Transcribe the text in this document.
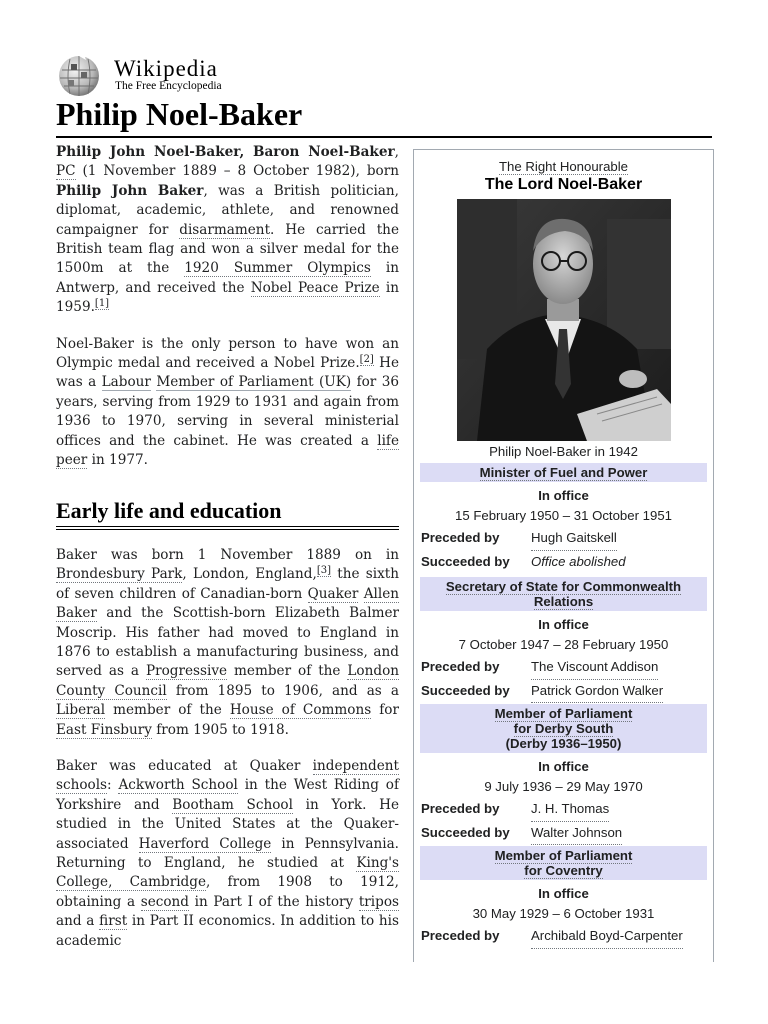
Wikipedia
The Free Encyclopedia
Philip Noel-Baker

Philip John Noel-Baker, Baron Noel-Baker, PC (1 November 1889 – 8 October 1982), born Philip John Baker, was a British politician, diplomat, academic, athlete, and renowned campaigner for disarmament. He carried the British team flag and won a silver medal for the 1500m at the 1920 Summer Olympics in Antwerp, and received the Nobel Peace Prize in 1959.[1]

Noel-Baker is the only person to have won an Olympic medal and received a Nobel Prize.[2] He was a Labour Member of Parliament (UK) for 36 years, serving from 1929 to 1931 and again from 1936 to 1970, serving in several ministerial offices and the cabinet. He was created a life peer in 1977.

Early life and education

Baker was born 1 November 1889 on in Brondesbury Park, London, England,[3] the sixth of seven children of Canadian-born Quaker Allen Baker and the Scottish-born Elizabeth Balmer Moscrip. His father had moved to England in 1876 to establish a manufacturing business, and served as a Progressive member of the London County Council from 1895 to 1906, and as a Liberal member of the House of Commons for East Finsbury from 1905 to 1918.

Baker was educated at Quaker independent schools: Ackworth School in the West Riding of Yorkshire and Bootham School in York. He studied in the United States at the Quaker-associated Haverford College in Pennsylvania. Returning to England, he studied at King's College, Cambridge, from 1908 to 1912, obtaining a second in Part I of the history tripos and a first in Part II economics. In addition to his academic

The Right Honourable
The Lord Noel-Baker
Philip Noel-Baker in 1942
Minister of Fuel and Power
In office
15 February 1950 – 31 October 1951
Preceded by Hugh Gaitskell
Succeeded by Office abolished
Secretary of State for Commonwealth Relations
In office
7 October 1947 – 28 February 1950
Preceded by The Viscount Addison
Succeeded by Patrick Gordon Walker
Member of Parliament
for Derby South
(Derby 1936–1950)
In office
9 July 1936 – 29 May 1970
Preceded by J. H. Thomas
Succeeded by Walter Johnson
Member of Parliament
for Coventry
In office
30 May 1929 – 6 October 1931
Preceded by Archibald Boyd-Carpenter
